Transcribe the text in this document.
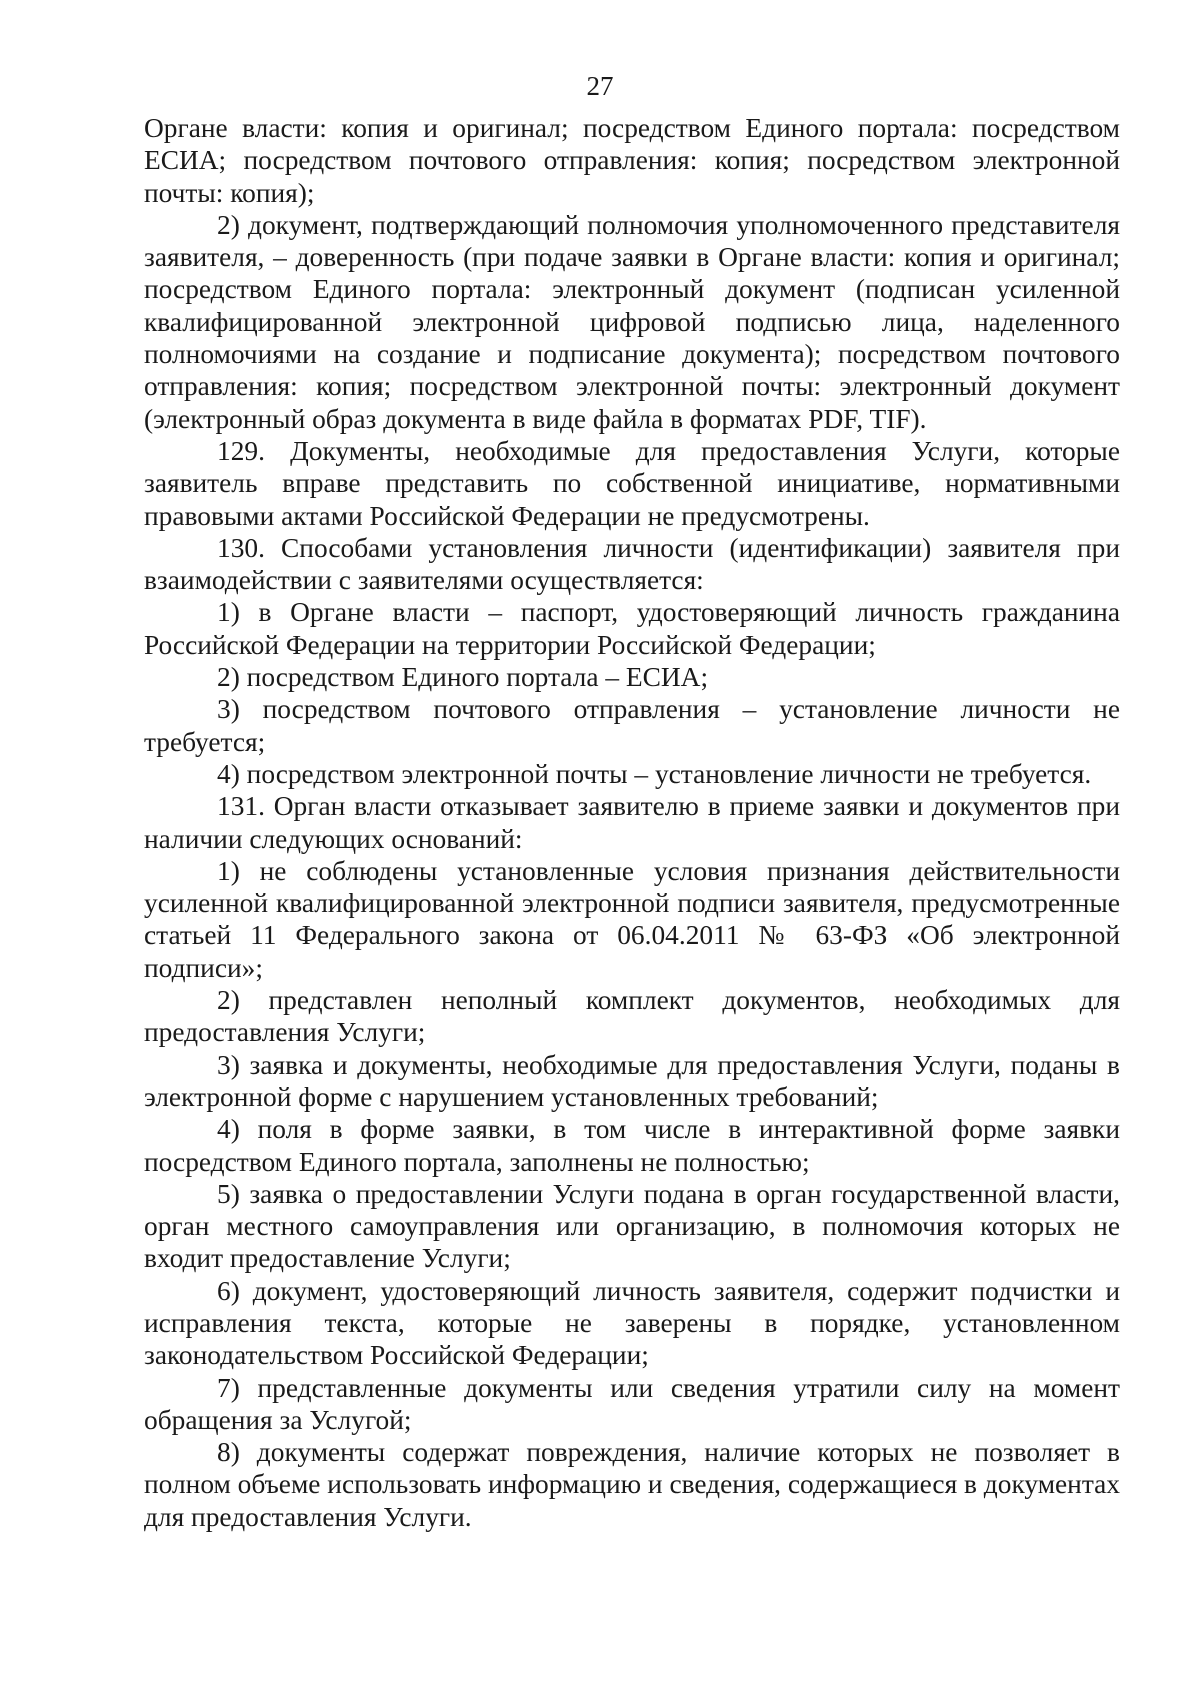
27

Органе власти: копия и оригинал; посредством Единого портала: посредством ЕСИА; посредством почтового отправления: копия; посредством электронной почты: копия);

2) документ, подтверждающий полномочия уполномоченного представителя заявителя, – доверенность (при подаче заявки в Органе власти: копия и оригинал; посредством Единого портала: электронный документ (подписан усиленной квалифицированной электронной цифровой подписью лица, наделенного полномочиями на создание и подписание документа); посредством почтового отправления: копия; посредством электронной почты: электронный документ (электронный образ документа в виде файла в форматах PDF, TIF).

129. Документы, необходимые для предоставления Услуги, которые заявитель вправе представить по собственной инициативе, нормативными правовыми актами Российской Федерации не предусмотрены.

130. Способами установления личности (идентификации) заявителя при взаимодействии с заявителями осуществляется:

1) в Органе власти – паспорт, удостоверяющий личность гражданина Российской Федерации на территории Российской Федерации;

2) посредством Единого портала – ЕСИА;

3) посредством почтового отправления – установление личности не требуется;

4) посредством электронной почты – установление личности не требуется.

131. Орган власти отказывает заявителю в приеме заявки и документов при наличии следующих оснований:

1) не соблюдены установленные условия признания действительности усиленной квалифицированной электронной подписи заявителя, предусмотренные статьей 11 Федерального закона от 06.04.2011 № 63-ФЗ «Об электронной подписи»;

2) представлен неполный комплект документов, необходимых для предоставления Услуги;

3) заявка и документы, необходимые для предоставления Услуги, поданы в электронной форме с нарушением установленных требований;

4) поля в форме заявки, в том числе в интерактивной форме заявки посредством Единого портала, заполнены не полностью;

5) заявка о предоставлении Услуги подана в орган государственной власти, орган местного самоуправления или организацию, в полномочия которых не входит предоставление Услуги;

6) документ, удостоверяющий личность заявителя, содержит подчистки и исправления текста, которые не заверены в порядке, установленном законодательством Российской Федерации;

7) представленные документы или сведения утратили силу на момент обращения за Услугой;

8) документы содержат повреждения, наличие которых не позволяет в полном объеме использовать информацию и сведения, содержащиеся в документах для предоставления Услуги.
